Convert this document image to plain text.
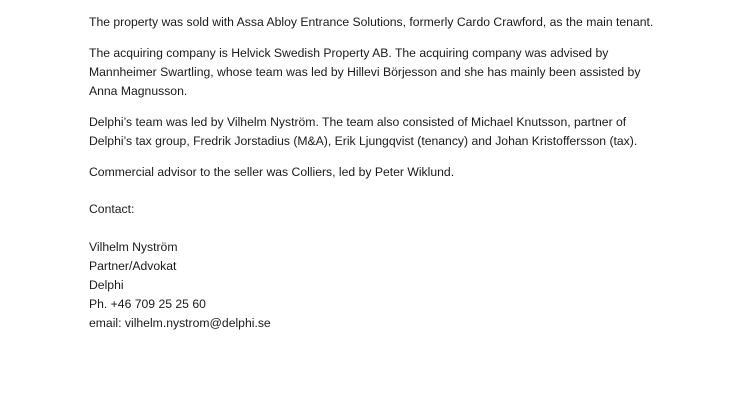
The property was sold with Assa Abloy Entrance Solutions, formerly Cardo Crawford, as the main tenant.

The acquiring company is Helvick Swedish Property AB. The acquiring company was advised by Mannheimer Swartling, whose team was led by Hillevi Börjesson and she has mainly been assisted by Anna Magnusson.

Delphi’s team was led by Vilhelm Nyström. The team also consisted of Michael Knutsson, partner of Delphi’s tax group, Fredrik Jorstadius (M&A), Erik Ljungqvist (tenancy) and Johan Kristoffersson (tax).

Commercial advisor to the seller was Colliers, led by Peter Wiklund.

Contact:

Vilhelm Nyström
Partner/Advokat
Delphi
Ph. +46 709 25 25 60
email: vilhelm.nystrom@delphi.se
